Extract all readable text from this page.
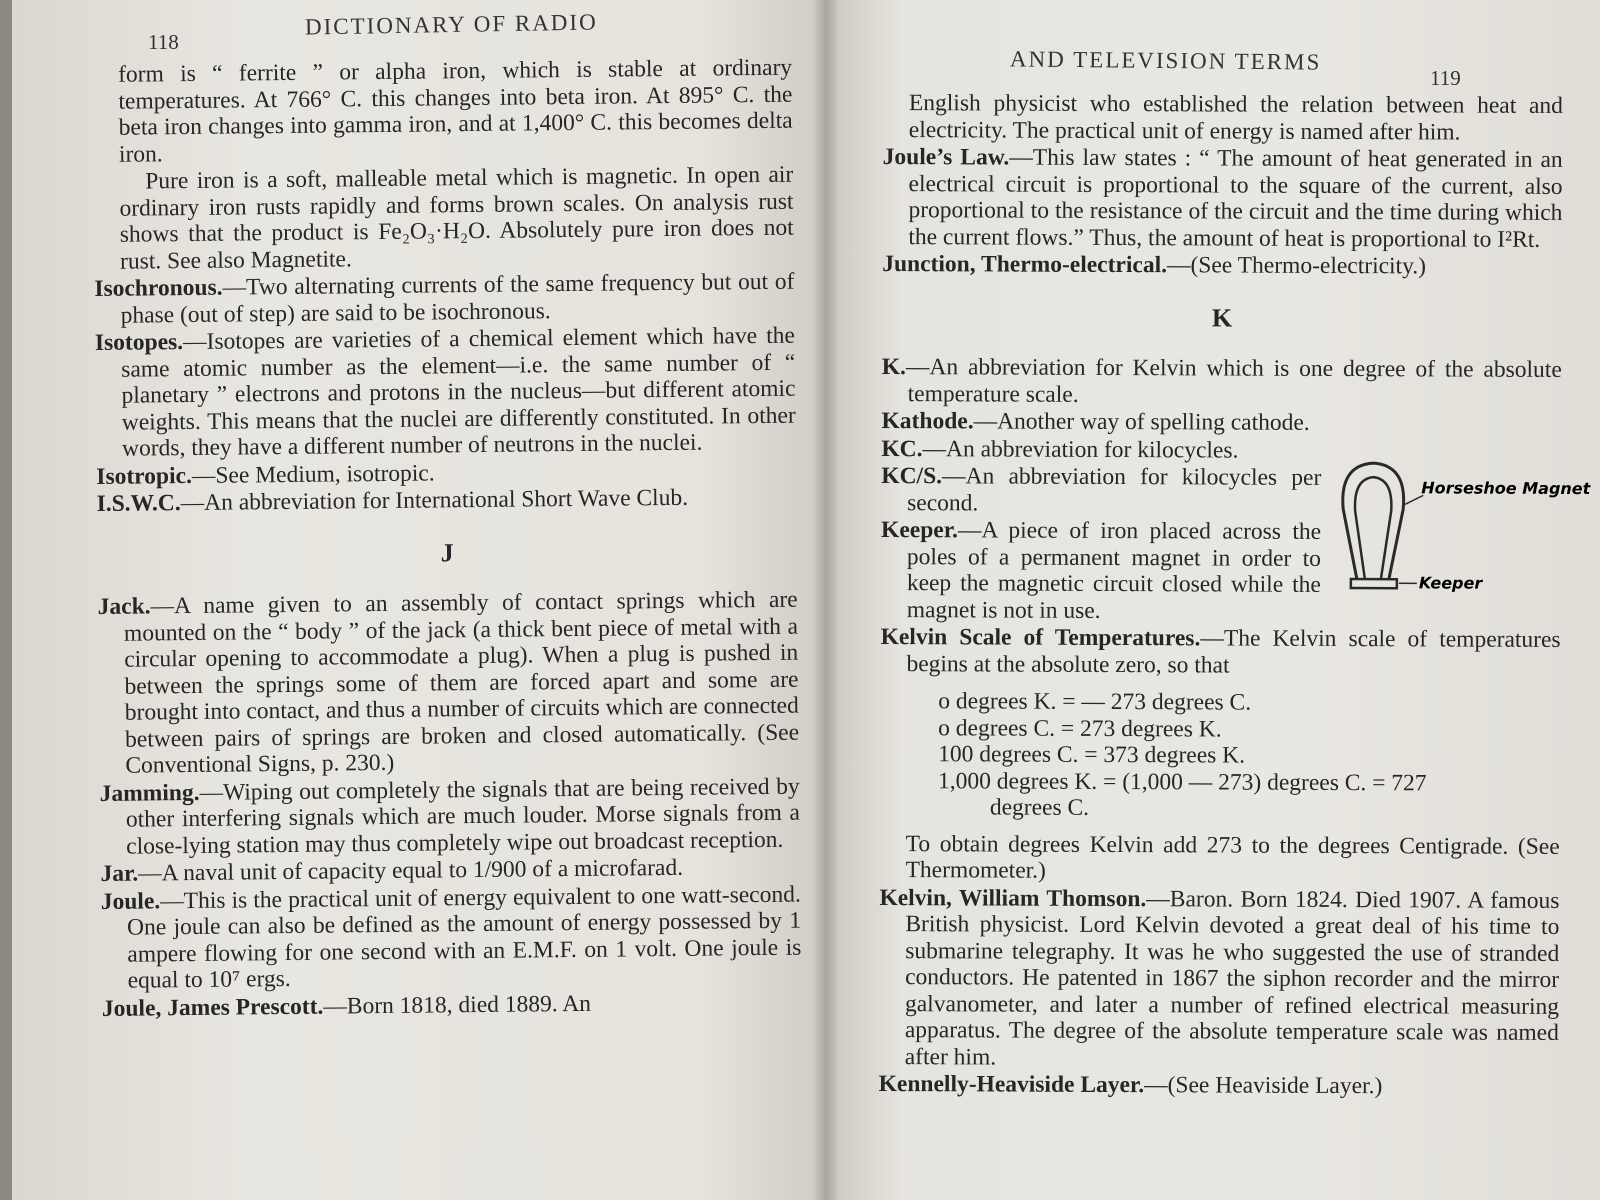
118
DICTIONARY OF RADIO

form is “ ferrite ” or alpha iron, which is stable at ordinary temperatures. At 766° C. this changes into beta iron. At 895° C. the beta iron changes into gamma iron, and at 1,400° C. this becomes delta iron.

Pure iron is a soft, malleable metal which is magnetic. In open air ordinary iron rusts rapidly and forms brown scales. On analysis rust shows that the product is Fe₂O₃·H₂O. Absolutely pure iron does not rust. See also Magnetite.

Isochronous.—Two alternating currents of the same frequency but out of phase (out of step) are said to be isochronous.

Isotopes.—Isotopes are varieties of a chemical element which have the same atomic number as the element—i.e. the same number of “ planetary ” electrons and protons in the nucleus—but different atomic weights. This means that the nuclei are differently constituted. In other words, they have a different number of neutrons in the nuclei.

Isotropic.—See Medium, isotropic.

I.S.W.C.—An abbreviation for International Short Wave Club.

J

Jack.—A name given to an assembly of contact springs which are mounted on the “ body ” of the jack (a thick bent piece of metal with a circular opening to accommodate a plug). When a plug is pushed in between the springs some of them are forced apart and some are brought into contact, and thus a number of circuits which are connected between pairs of springs are broken and closed automatically. (See Conventional Signs, p. 230.)

Jamming.—Wiping out completely the signals that are being received by other interfering signals which are much louder. Morse signals from a close-lying station may thus completely wipe out broadcast reception.

Jar.—A naval unit of capacity equal to 1/900 of a microfarad.

Joule.—This is the practical unit of energy equivalent to one watt-second. One joule can also be defined as the amount of energy possessed by 1 ampere flowing for one second with an E.M.F. on 1 volt. One joule is equal to 10⁷ ergs.

Joule, James Prescott.—Born 1818, died 1889. An

AND TELEVISION TERMS
119

English physicist who established the relation between heat and electricity. The practical unit of energy is named after him.

Joule’s Law.—This law states : “ The amount of heat generated in an electrical circuit is proportional to the square of the current, also proportional to the resistance of the circuit and the time during which the current flows.” Thus, the amount of heat is proportional to I²Rt.

Junction, Thermo-electrical.—(See Thermo-electricity.)

K

K.—An abbreviation for Kelvin which is one degree of the absolute temperature scale.

Kathode.—Another way of spelling cathode.

KC.—An abbreviation for kilocycles.

KC/S.—An abbreviation for kilocycles per second.

Keeper.—A piece of iron placed across the poles of a permanent magnet in order to keep the magnetic circuit closed while the magnet is not in use.

Horseshoe Magnet
Keeper

Kelvin Scale of Temperatures.—The Kelvin scale of temperatures begins at the absolute zero, so that

o degrees K. = — 273 degrees C.

o degrees C. = 273 degrees K.

100 degrees C. = 373 degrees K.

1,000 degrees K. = (1,000 — 273) degrees C. = 727

degrees C.

To obtain degrees Kelvin add 273 to the degrees Centigrade. (See Thermometer.)

Kelvin, William Thomson.—Baron. Born 1824. Died 1907. A famous British physicist. Lord Kelvin devoted a great deal of his time to submarine telegraphy. It was he who suggested the use of stranded conductors. He patented in 1867 the siphon recorder and the mirror galvanometer, and later a number of refined electrical measuring apparatus. The degree of the absolute temperature scale was named after him.

Kennelly-Heaviside Layer.—(See Heaviside Layer.)
